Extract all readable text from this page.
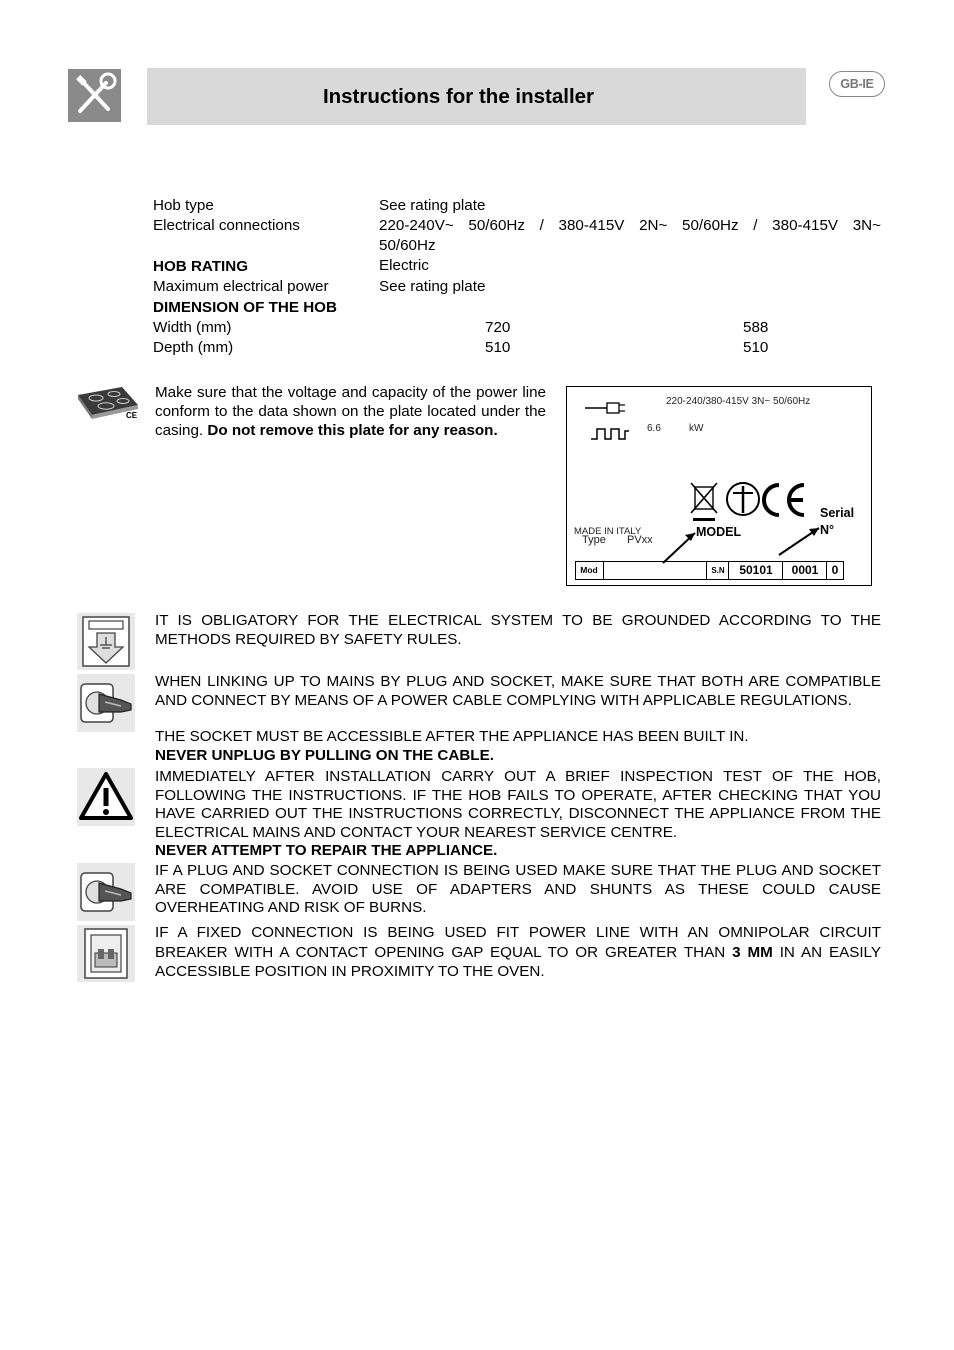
Instructions for the installer
GB-IE
Hob type	See rating plate
Electrical connections	220-240V~ 50/60Hz / 380-415V 2N~ 50/60Hz / 380-415V 3N~
50/60Hz
HOB RATING	Electric
Maximum electrical power	See rating plate
DIMENSION OF THE HOB
Width (mm)	720	588
Depth (mm)	510	510
CE
Make sure that the voltage and capacity of the power line conform to the data shown on the plate located under the casing. Do not remove this plate for any reason.
220-240/380-415V 3N~ 50/60Hz
6.6	kW
MADE IN ITALY
Type PVxx
MODEL
Serial
N°
Mod	S.N	50101	0001	0
IT IS OBLIGATORY FOR THE ELECTRICAL SYSTEM TO BE GROUNDED ACCORDING TO THE METHODS REQUIRED BY SAFETY RULES.
WHEN LINKING UP TO MAINS BY PLUG AND SOCKET, MAKE SURE THAT BOTH ARE COMPATIBLE AND CONNECT BY MEANS OF A POWER CABLE COMPLYING WITH APPLICABLE REGULATIONS.
THE SOCKET MUST BE ACCESSIBLE AFTER THE APPLIANCE HAS BEEN BUILT IN.
NEVER UNPLUG BY PULLING ON THE CABLE.
IMMEDIATELY AFTER INSTALLATION CARRY OUT A BRIEF INSPECTION TEST OF THE HOB, FOLLOWING THE INSTRUCTIONS. IF THE HOB FAILS TO OPERATE, AFTER CHECKING THAT YOU HAVE CARRIED OUT THE INSTRUCTIONS CORRECTLY, DISCONNECT THE APPLIANCE FROM THE ELECTRICAL MAINS AND CONTACT YOUR NEAREST SERVICE CENTRE.
NEVER ATTEMPT TO REPAIR THE APPLIANCE.
IF A PLUG AND SOCKET CONNECTION IS BEING USED MAKE SURE THAT THE PLUG AND SOCKET ARE COMPATIBLE. AVOID USE OF ADAPTERS AND SHUNTS AS THESE COULD CAUSE OVERHEATING AND RISK OF BURNS.
IF A FIXED CONNECTION IS BEING USED FIT POWER LINE WITH AN OMNIPOLAR CIRCUIT BREAKER WITH A CONTACT OPENING GAP EQUAL TO OR GREATER THAN 3 MM IN AN EASILY ACCESSIBLE POSITION IN PROXIMITY TO THE OVEN.
